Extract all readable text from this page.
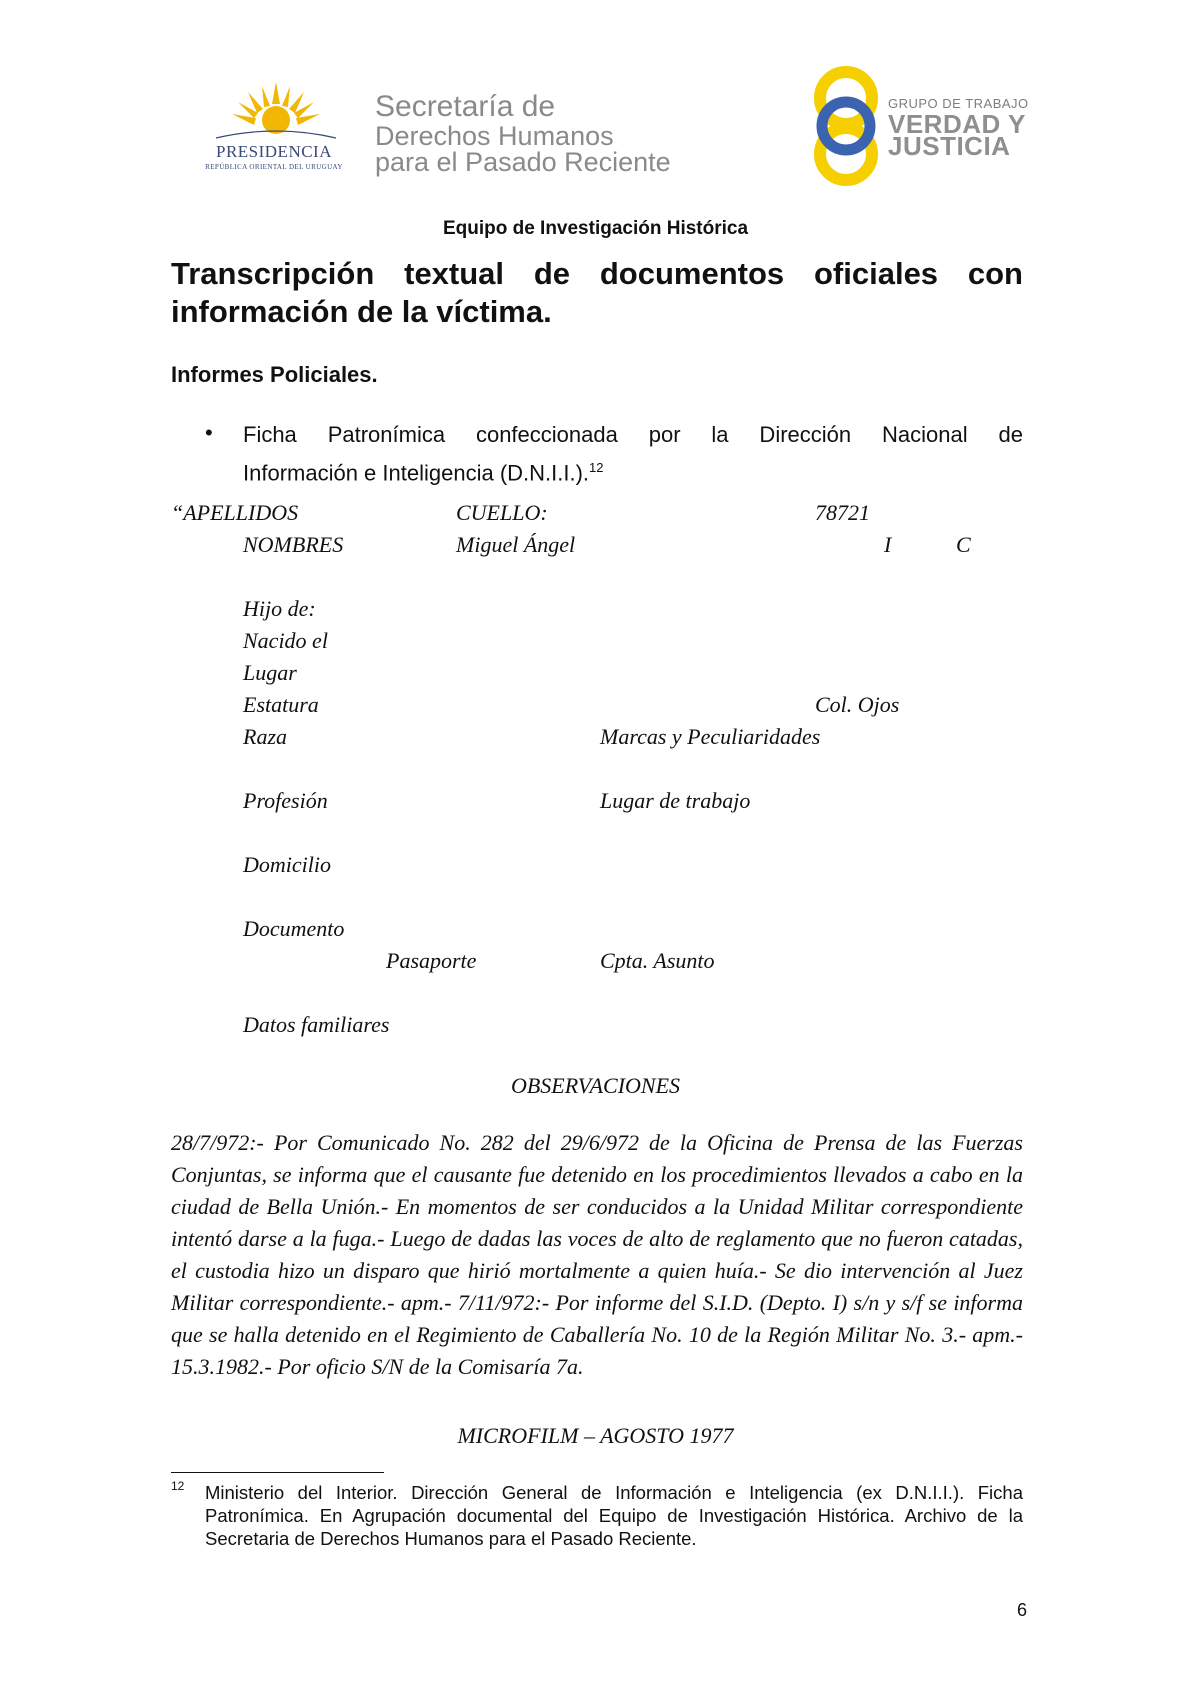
PRESIDENCIA
REPÚBLICA ORIENTAL DEL URUGUAY
Secretaría de
Derechos Humanos
para el Pasado Reciente
GRUPO DE TRABAJO
VERDAD Y
JUSTICIA
Equipo de Investigación Histórica
Transcripción textual de documentos oficiales con
información de la víctima.
Informes Policiales.
• Ficha Patronímica confeccionada por la Dirección Nacional de
Información e Inteligencia (D.N.I.I.).$^{12}$
“APELLIDOS	CUELLO:	78721
NOMBRES	Miguel Ángel	I	C
Hijo de:
Nacido el
Lugar
Estatura	Col. Ojos
Raza	Marcas y Peculiaridades
Profesión	Lugar de trabajo
Domicilio
Documento
Pasaporte	Cpta. Asunto
Datos familiares
OBSERVACIONES
28/7/972:- Por Comunicado No. 282 del 29/6/972 de la Oficina de Prensa de las Fuerzas Conjuntas, se informa que el causante fue detenido en los procedimientos llevados a cabo en la ciudad de Bella Unión.- En momentos de ser conducidos a la Unidad Militar correspondiente intentó darse a la fuga.- Luego de dadas las voces de alto de reglamento que no fueron catadas, el custodia hizo un disparo que hirió mortalmente a quien huía.- Se dio intervención al Juez Militar correspondiente.- apm.- 7/11/972:- Por informe del S.I.D. (Depto. I) s/n y s/f se informa que se halla detenido en el Regimiento de Caballería No. 10 de la Región Militar No. 3.- apm.- 15.3.1982.- Por oficio S/N de la Comisaría 7a.
MICROFILM – AGOSTO 1977
12 Ministerio del Interior. Dirección General de Información e Inteligencia (ex D.N.I.I.). Ficha Patronímica. En Agrupación documental del Equipo de Investigación Histórica. Archivo de la Secretaria de Derechos Humanos para el Pasado Reciente.
6
